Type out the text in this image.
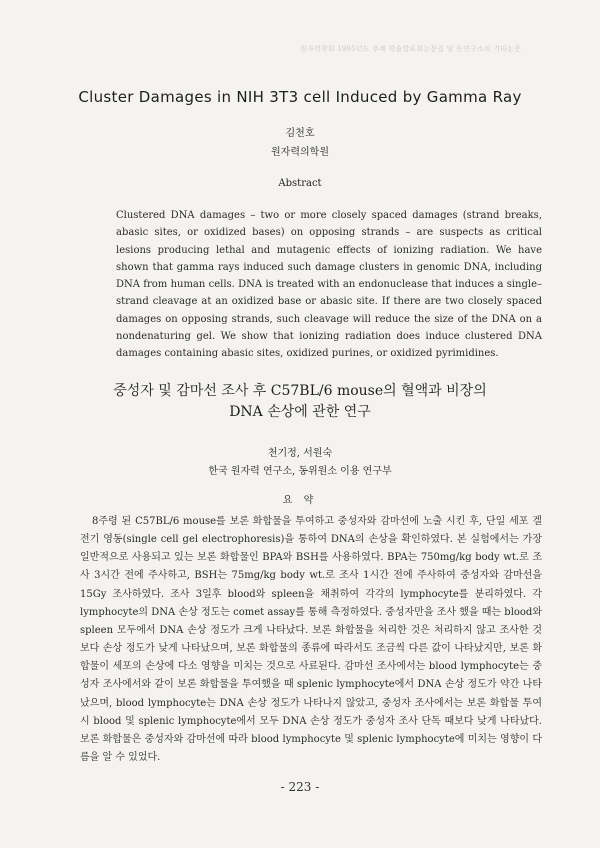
원자력학회 1995년도 추계 학술발표회논문집 및 동연구소의 기타논문
Cluster Damages in NIH 3T3 cell Induced by Gamma Ray
김천호
원자력의학원
Abstract
Clustered DNA damages – two or more closely spaced damages (strand breaks, abasic sites, or oxidized bases) on opposing strands – are suspects as critical lesions producing lethal and mutagenic effects of ionizing radiation. We have shown that gamma rays induced such damage clusters in genomic DNA, including DNA from human cells. DNA is treated with an endonuclease that induces a single–strand cleavage at an oxidized base or abasic site. If there are two closely spaced damages on opposing strands, such cleavage will reduce the size of the DNA on a nondenaturing gel. We show that ionizing radiation does induce clustered DNA damages containing abasic sites, oxidized purines, or oxidized pyrimidines.
중성자 및 감마선 조사 후 C57BL/6 mouse의 혈액과 비장의
DNA 손상에 관한 연구
천기정, 서원숙
한국 원자력 연구소, 동위원소 이용 연구부
요 약

8주령 된 C57BL/6 mouse를 보론 화합물을 투여하고 중성자와 감마선에 노출 시킨 후, 단일 세포 겔 전기 영동(single cell gel electrophoresis)을 통하여 DNA의 손상을 확인하였다. 본 실험에서는 가장 일반적으로 사용되고 있는 보론 화합물인 BPA와 BSH를 사용하였다. BPA는 750mg/kg body wt.로 조사 3시간 전에 주사하고, BSH는 75mg/kg body wt.로 조사 1시간 전에 주사하여 중성자와 감마선을 15Gy 조사하였다. 조사 3일후 blood와 spleen을 채취하여 각각의 lymphocyte를 분리하였다. 각 lymphocyte의 DNA 손상 정도는 comet assay를 통해 측정하였다. 중성자만을 조사 했을 때는 blood와 spleen 모두에서 DNA 손상 정도가 크게 나타났다. 보론 화합물을 처리한 것은 처리하지 않고 조사한 것보다 손상 정도가 낮게 나타났으며, 보론 화합물의 종류에 따라서도 조금씩 다른 값이 나타났지만, 보론 화합물이 세포의 손상에 다소 영향을 미치는 것으로 사료된다. 감마선 조사에서는 blood lymphocyte는 중성자 조사에서와 같이 보론 화합물을 투여했을 때 splenic lymphocyte에서 DNA 손상 정도가 약간 나타났으며, blood lymphocyte는 DNA 손상 정도가 나타나지 않았고, 중성자 조사에서는 보론 화합물 투여시 blood 및 splenic lymphocyte에서 모두 DNA 손상 정도가 중성자 조사 단독 때보다 낮게 나타났다. 보론 화합물은 중성자와 감마선에 따라 blood lymphocyte 및 splenic lymphocyte에 미치는 영향이 다름을 알 수 있었다.

- 223 -
